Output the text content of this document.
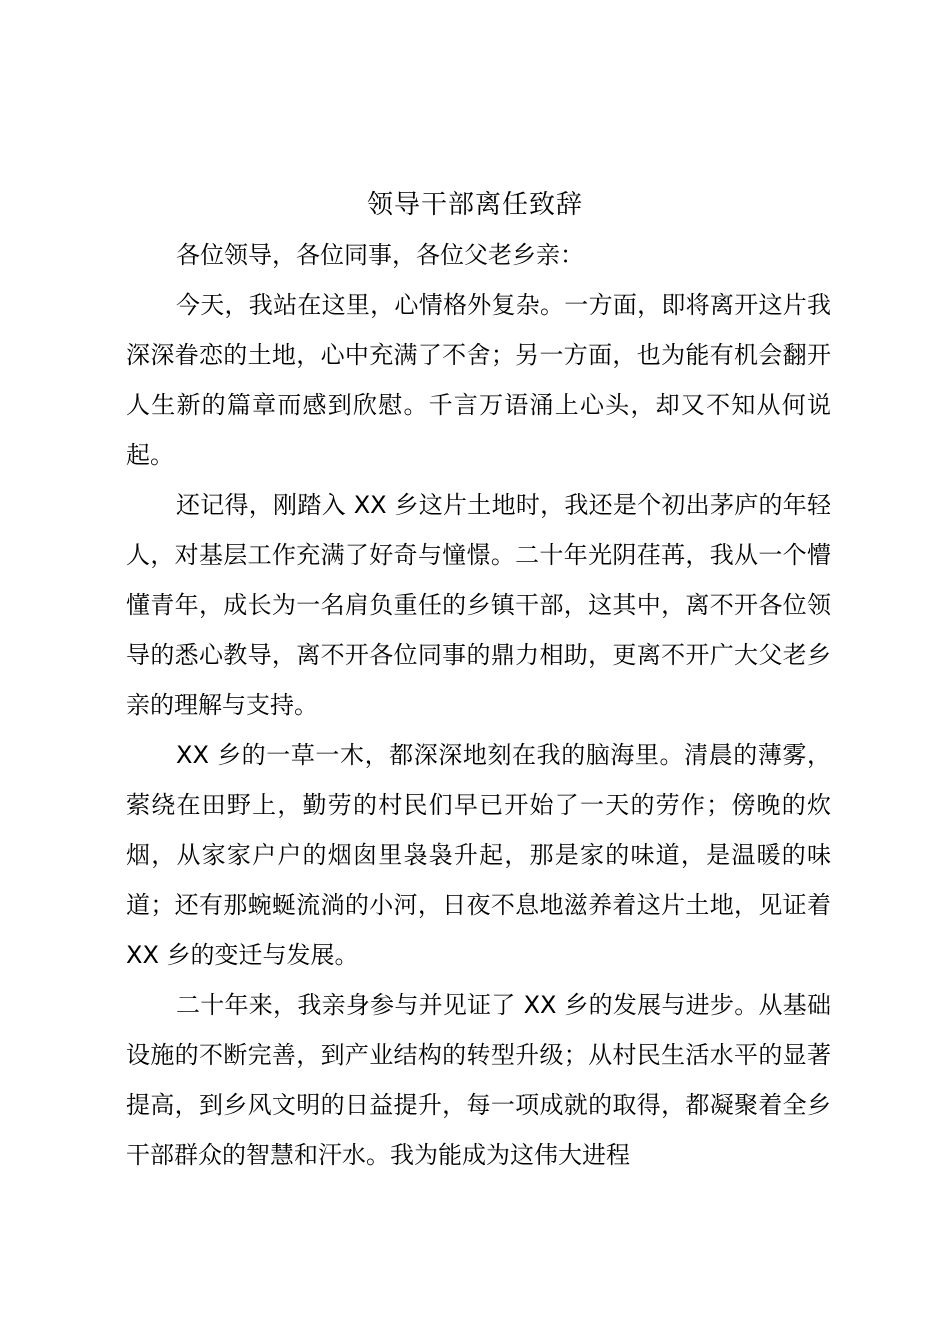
领导干部离任致辞

各位领导，各位同事，各位父老乡亲：

今天，我站在这里，心情格外复杂。一方面，即将离开这片我深深眷恋的土地，心中充满了不舍；另一方面，也为能有机会翻开人生新的篇章而感到欣慰。千言万语涌上心头，却又不知从何说起。

还记得，刚踏入 XX 乡这片土地时，我还是个初出茅庐的年轻人，对基层工作充满了好奇与憧憬。二十年光阴荏苒，我从一个懵懂青年，成长为一名肩负重任的乡镇干部，这其中，离不开各位领导的悉心教导，离不开各位同事的鼎力相助，更离不开广大父老乡亲的理解与支持。

XX 乡的一草一木，都深深地刻在我的脑海里。清晨的薄雾，萦绕在田野上，勤劳的村民们早已开始了一天的劳作；傍晚的炊烟，从家家户户的烟囱里袅袅升起，那是家的味道，是温暖的味道；还有那蜿蜒流淌的小河，日夜不息地滋养着这片土地，见证着 XX 乡的变迁与发展。

二十年来，我亲身参与并见证了 XX 乡的发展与进步。从基础设施的不断完善，到产业结构的转型升级；从村民生活水平的显著提高，到乡风文明的日益提升，每一项成就的取得，都凝聚着全乡干部群众的智慧和汗水。我为能成为这伟大进程
